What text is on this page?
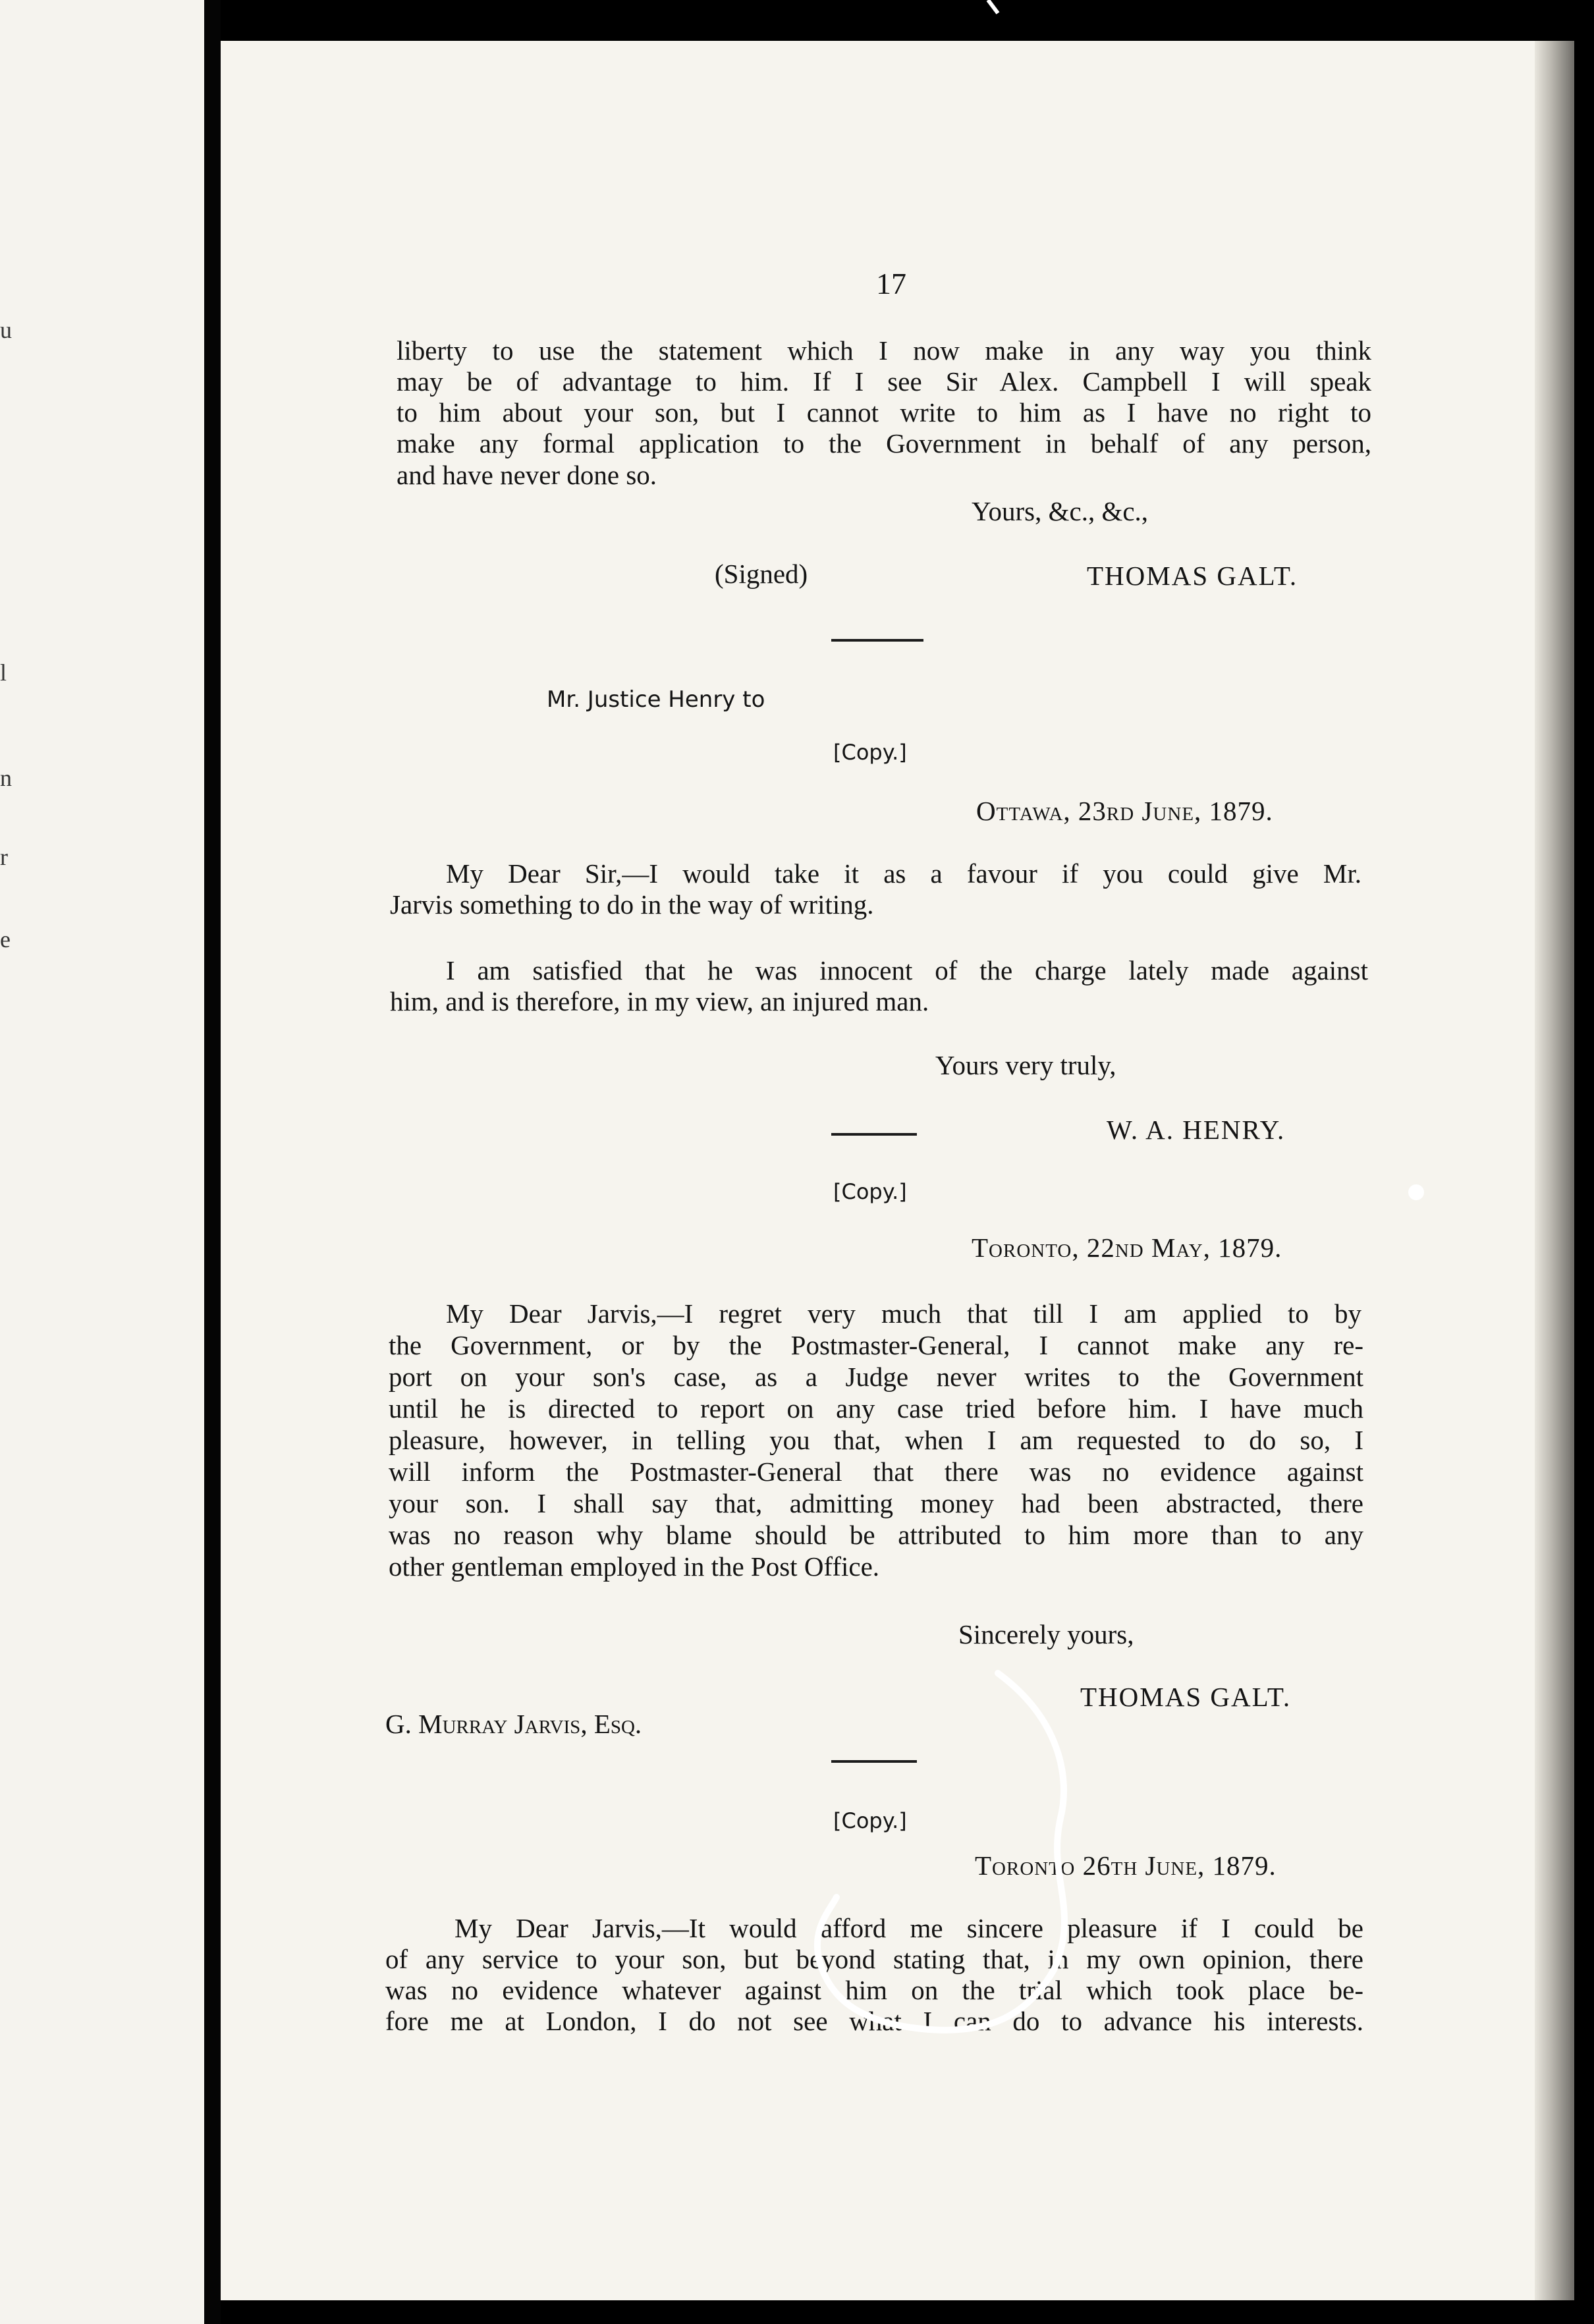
u
l
n
r
e
17
liberty to use the statement which I now make in any way you think
may be of advantage to him. If I see Sir Alex. Campbell I will speak
to him about your son, but I cannot write to him as I have no right to
make any formal application to the Government in behalf of any person,
and have never done so.
Yours, &c., &c.,
(Signed)	THOMAS GALT.
Mr. Justice Henry to
[Copy.]
Ottawa, 23rd June, 1879.
My Dear Sir,—I would take it as a favour if you could give Mr.
Jarvis something to do in the way of writing.
I am satisfied that he was innocent of the charge lately made against
him, and is therefore, in my view, an injured man.
Yours very truly,
W. A. HENRY.
[Copy.]
Toronto, 22nd May, 1879.
My Dear Jarvis,—I regret very much that till I am applied to by
the Government, or by the Postmaster-General, I cannot make any re-
port on your son's case, as a Judge never writes to the Government
until he is directed to report on any case tried before him. I have much
pleasure, however, in telling you that, when I am requested to do so, I
will inform the Postmaster-General that there was no evidence against
your son. I shall say that, admitting money had been abstracted, there
was no reason why blame should be attributed to him more than to any
other gentleman employed in the Post Office.
Sincerely yours,
THOMAS GALT.
G. Murray Jarvis, Esq.
[Copy.]
Toronto 26th June, 1879.
My Dear Jarvis,—It would afford me sincere pleasure if I could be
of any service to your son, but beyond stating that, in my own opinion, there
was no evidence whatever against him on the trial which took place be-
fore me at London, I do not see what I can do to advance his interests.
